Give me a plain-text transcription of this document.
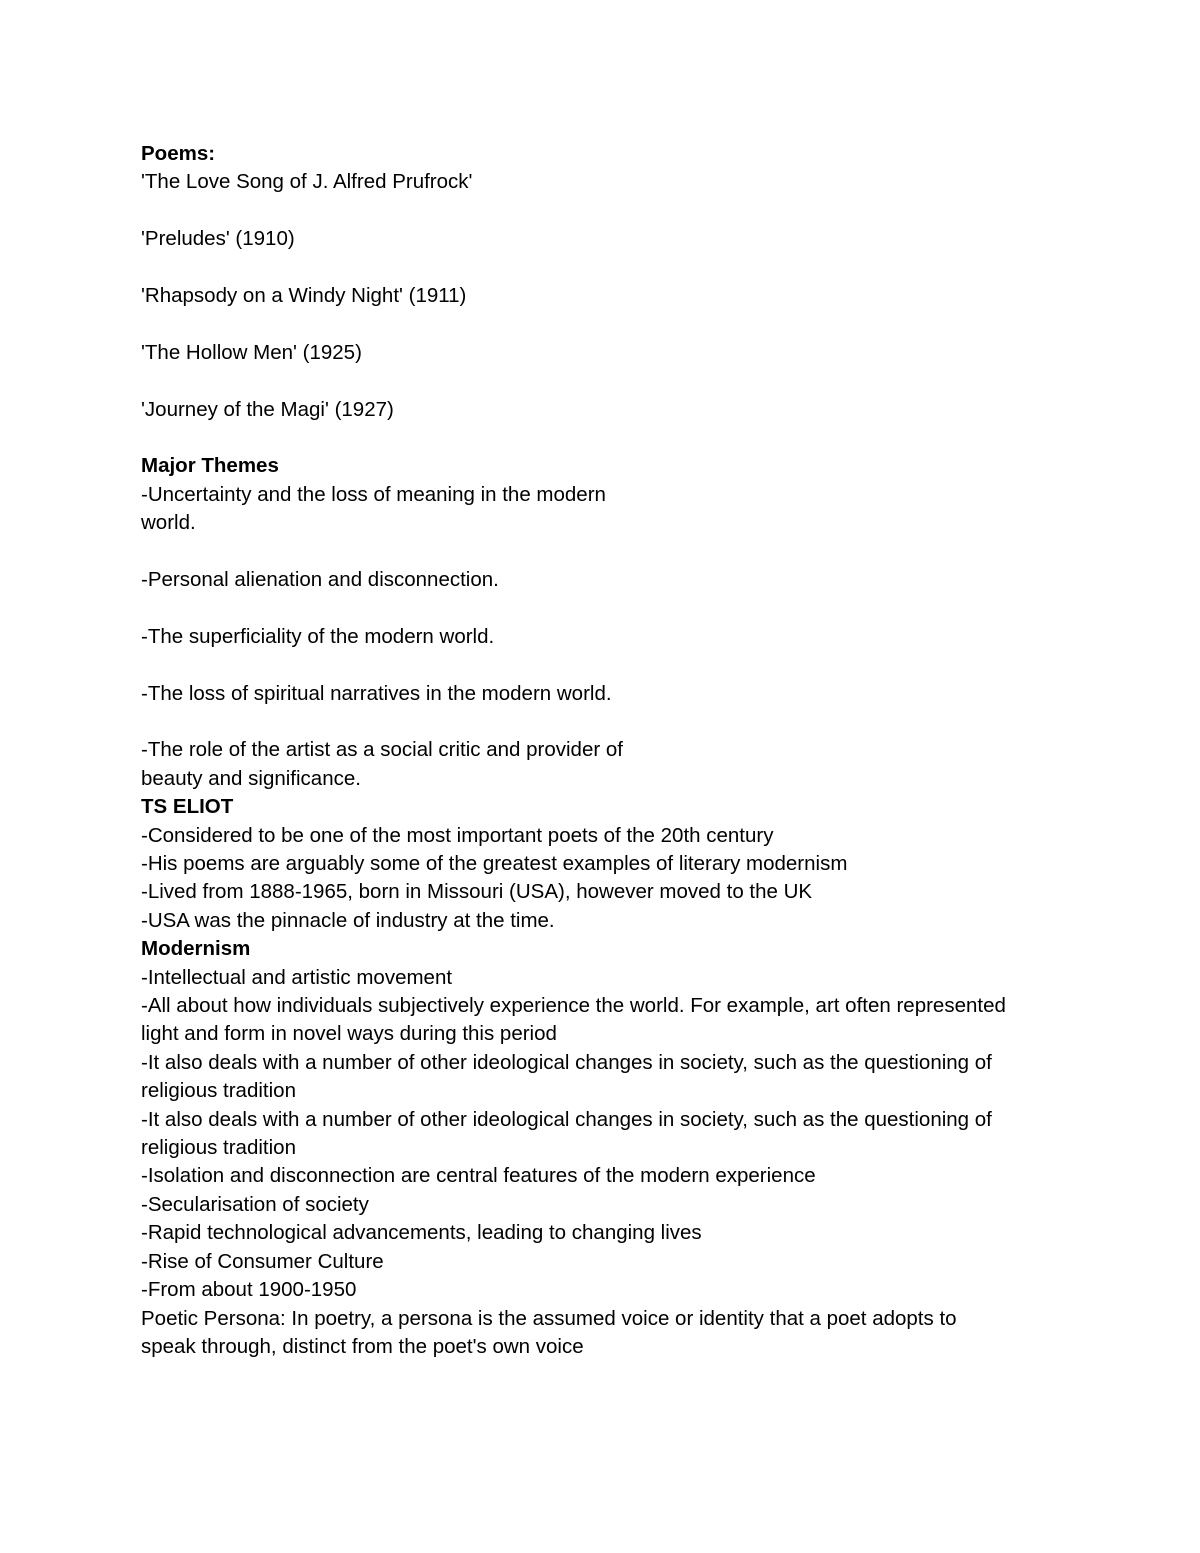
Poems:
'The Love Song of J. Alfred Prufrock'
'Preludes' (1910)
'Rhapsody on a Windy Night' (1911)
'The Hollow Men' (1925)
'Journey of the Magi' (1927)
Major Themes
-Uncertainty and the loss of meaning in the modern
world.
-Personal alienation and disconnection.
-The superficiality of the modern world.
-The loss of spiritual narratives in the modern world.
-The role of the artist as a social critic and provider of
beauty and significance.
TS ELIOT
-Considered to be one of the most important poets of the 20th century
-His poems are arguably some of the greatest examples of literary modernism
-Lived from 1888-1965, born in Missouri (USA), however moved to the UK
-USA was the pinnacle of industry at the time.
Modernism
-Intellectual and artistic movement
-All about how individuals subjectively experience the world. For example, art often represented
light and form in novel ways during this period
-It also deals with a number of other ideological changes in society, such as the questioning of
religious tradition
-It also deals with a number of other ideological changes in society, such as the questioning of
religious tradition
-Isolation and disconnection are central features of the modern experience
-Secularisation of society
-Rapid technological advancements, leading to changing lives
-Rise of Consumer Culture
-From about 1900-1950
Poetic Persona: In poetry, a persona is the assumed voice or identity that a poet adopts to
speak through, distinct from the poet's own voice
